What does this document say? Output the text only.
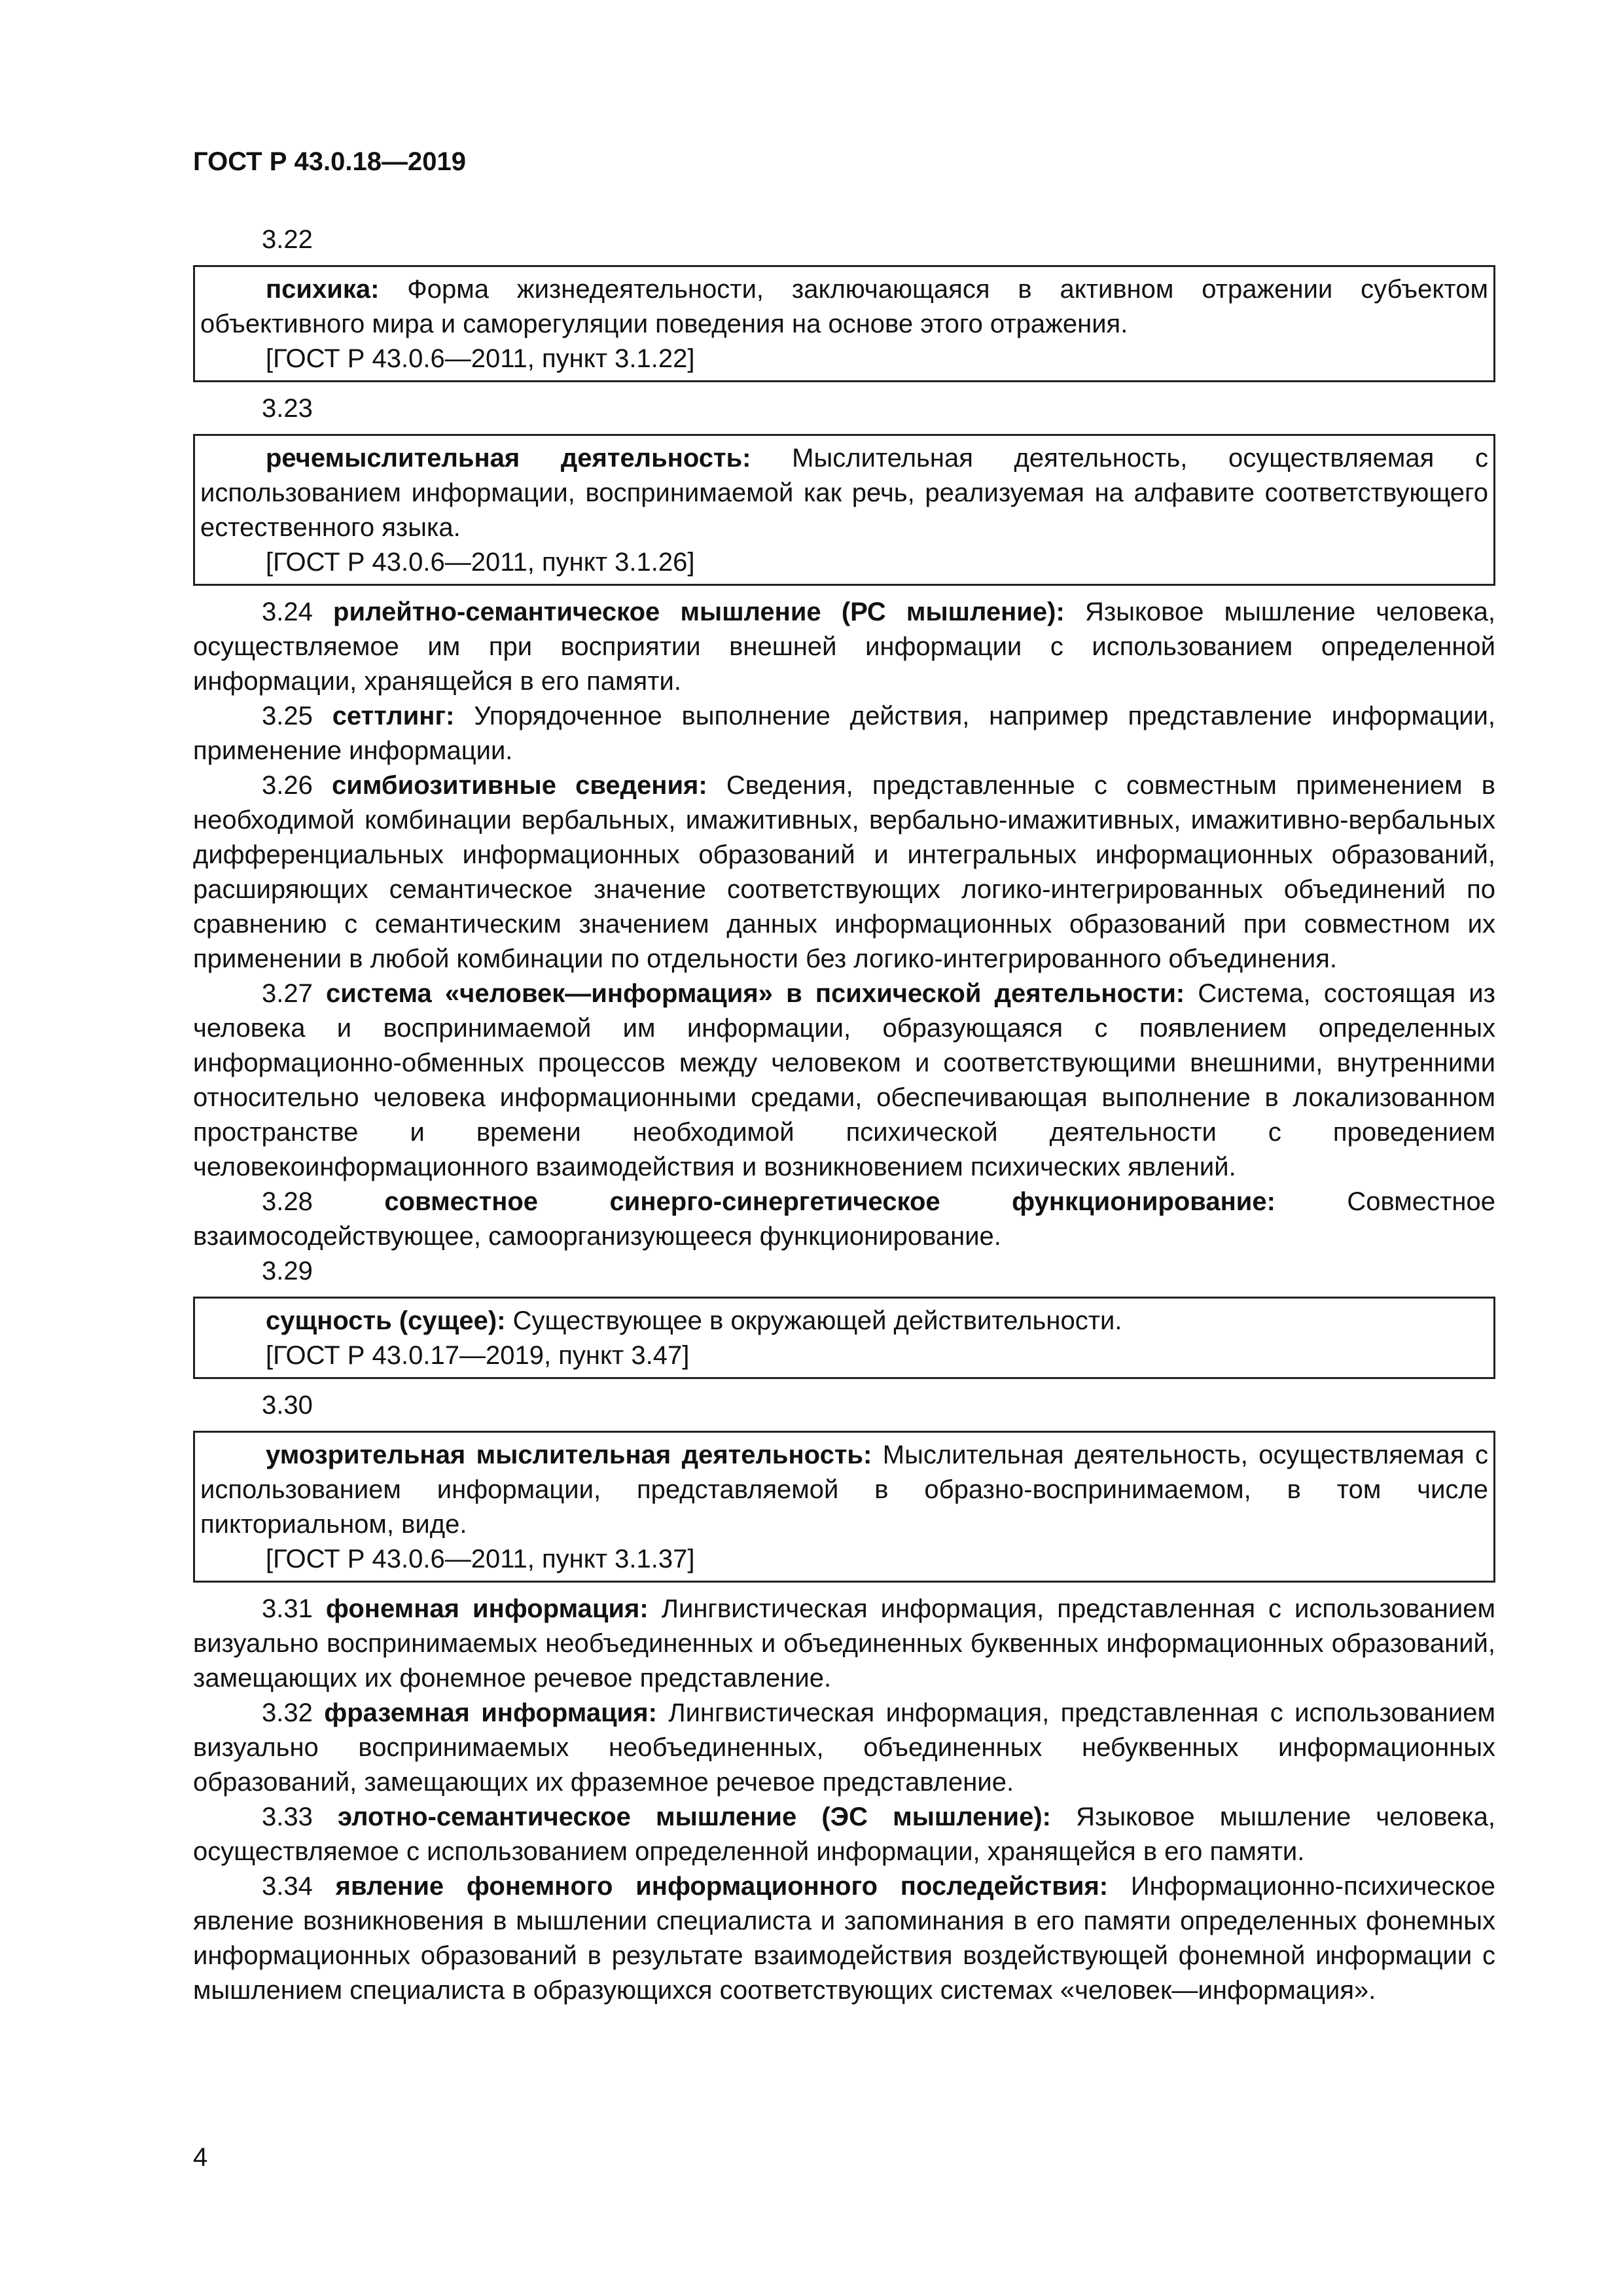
ГОСТ Р 43.0.18—2019

3.22

психика: Форма жизнедеятельности, заключающаяся в активном отражении субъектом объективного мира и саморегуляции поведения на основе этого отражения.

[ГОСТ Р 43.0.6—2011, пункт 3.1.22]

3.23

речемыслительная деятельность: Мыслительная деятельность, осуществляемая с использованием информации, воспринимаемой как речь, реализуемая на алфавите соответствующего естественного языка.

[ГОСТ Р 43.0.6—2011, пункт 3.1.26]

3.24 рилейтно-семантическое мышление (РС мышление): Языковое мышление человека, осуществляемое им при восприятии внешней информации с использованием определенной информации, хранящейся в его памяти.

3.25 сеттлинг: Упорядоченное выполнение действия, например представление информации, применение информации.

3.26 симбиозитивные сведения: Сведения, представленные с совместным применением в необходимой комбинации вербальных, имажитивных, вербально-имажитивных, имажитивно-вербальных дифференциальных информационных образований и интегральных информационных образований, расширяющих семантическое значение соответствующих логико-интегрированных объединений по сравнению с семантическим значением данных информационных образований при совместном их применении в любой комбинации по отдельности без логико-интегрированного объединения.

3.27 система «человек—информация» в психической деятельности: Система, состоящая из человека и воспринимаемой им информации, образующаяся с появлением определенных информационно-обменных процессов между человеком и соответствующими внешними, внутренними относительно человека информационными средами, обеспечивающая выполнение в локализованном пространстве и времени необходимой психической деятельности с проведением человекоинформационного взаимодействия и возникновением психических явлений.

3.28	совместное синерго-синергетическое функционирование:	Совместное взаимосодействующее, самоорганизующееся функционирование.

3.29

сущность (сущее): Существующее в окружающей действительности.

[ГОСТ Р 43.0.17—2019, пункт 3.47]

3.30

умозрительная мыслительная деятельность: Мыслительная деятельность, осуществляемая с использованием информации, представляемой в образно-воспринимаемом, в том числе пикториальном, виде.

[ГОСТ Р 43.0.6—2011, пункт 3.1.37]

3.31 фонемная информация: Лингвистическая информация, представленная с использованием визуально воспринимаемых необъединенных и объединенных буквенных информационных образований, замещающих их фонемное речевое представление.

3.32 фраземная информация: Лингвистическая информация, представленная с использованием визуально воспринимаемых необъединенных, объединенных небуквенных информационных образований, замещающих их фраземное речевое представление.

3.33 элотно-семантическое мышление (ЭС мышление): Языковое мышление человека, осуществляемое с использованием определенной информации, хранящейся в его памяти.

3.34 явление фонемного информационного последействия: Информационно-психическое явление возникновения в мышлении специалиста и запоминания в его памяти определенных фонемных информационных образований в результате взаимодействия воздействующей фонемной информации с мышлением специалиста в образующихся соответствующих системах «человек—информация».

4
